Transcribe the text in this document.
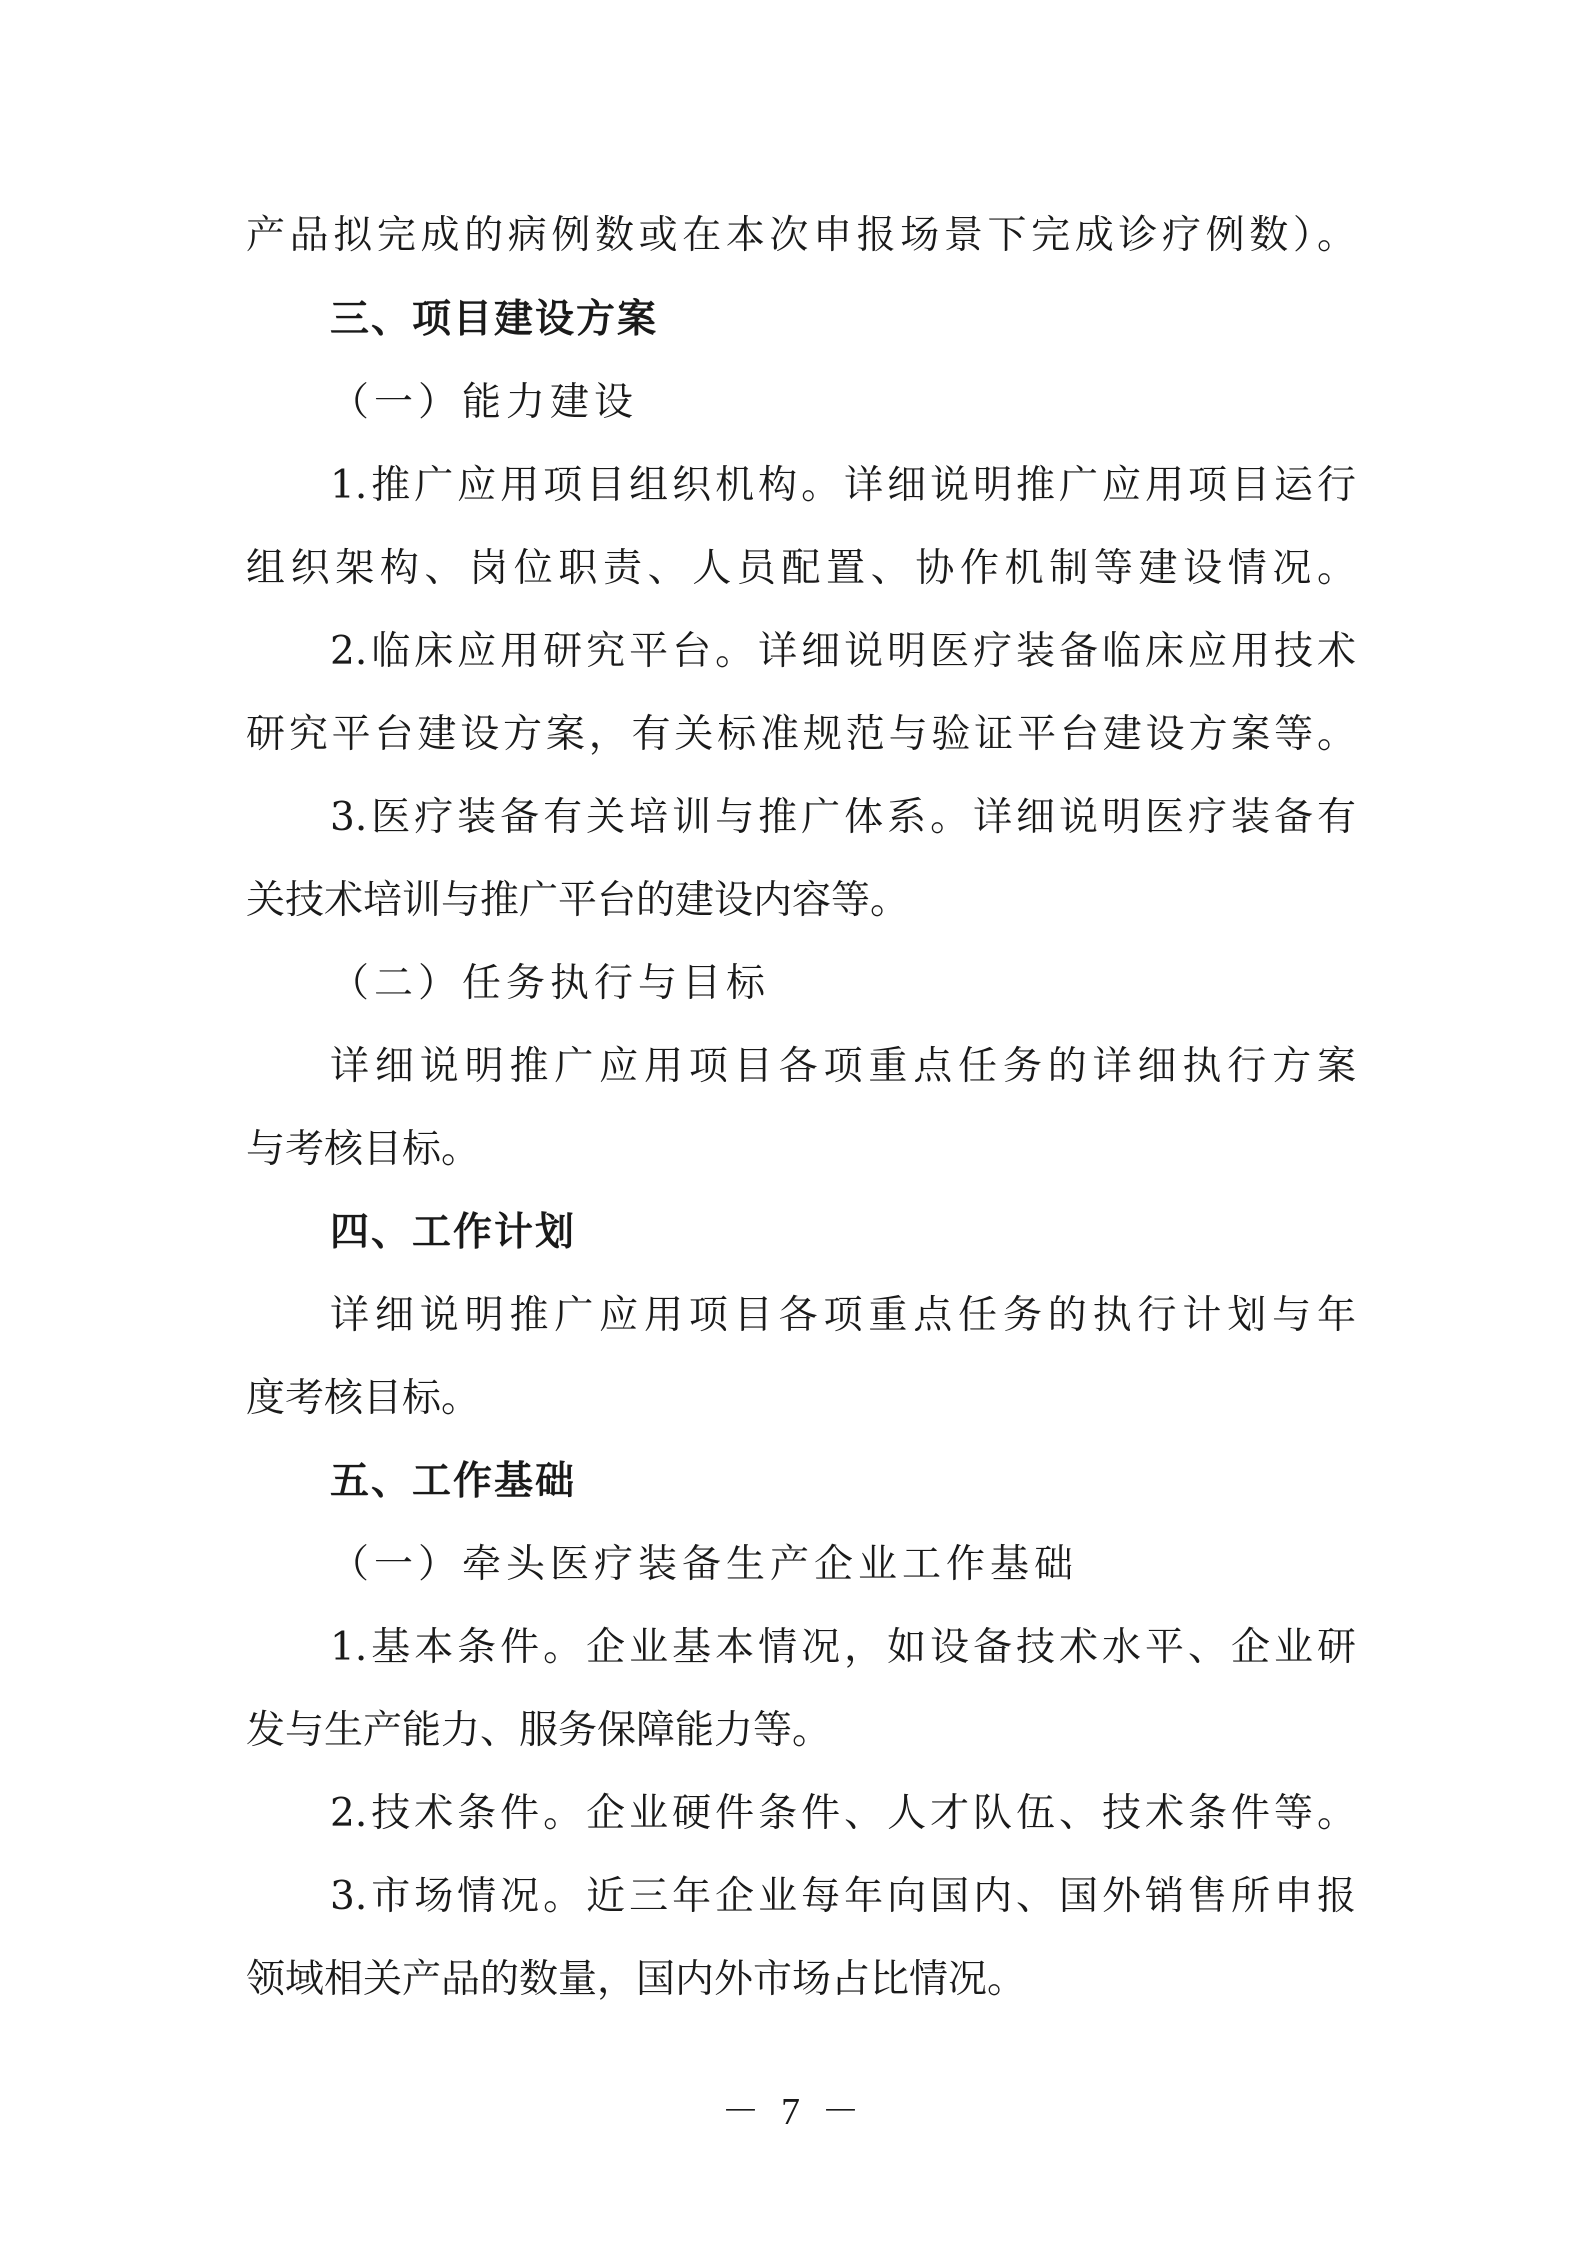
产品拟完成的病例数或在本次申报场景下完成诊疗例数）。
三、项目建设方案
（一）能力建设
1.推广应用项目组织机构。详细说明推广应用项目运行
组织架构、岗位职责、人员配置、协作机制等建设情况。
2.临床应用研究平台。详细说明医疗装备临床应用技术
研究平台建设方案，有关标准规范与验证平台建设方案等。
3.医疗装备有关培训与推广体系。详细说明医疗装备有
关技术培训与推广平台的建设内容等。
（二）任务执行与目标
详细说明推广应用项目各项重点任务的详细执行方案
与考核目标。
四、工作计划
详细说明推广应用项目各项重点任务的执行计划与年
度考核目标。
五、工作基础
（一）牵头医疗装备生产企业工作基础
1.基本条件。企业基本情况，如设备技术水平、企业研
发与生产能力、服务保障能力等。
2.技术条件。企业硬件条件、人才队伍、技术条件等。
3.市场情况。近三年企业每年向国内、国外销售所申报
领域相关产品的数量，国内外市场占比情况。
－ 7 －
